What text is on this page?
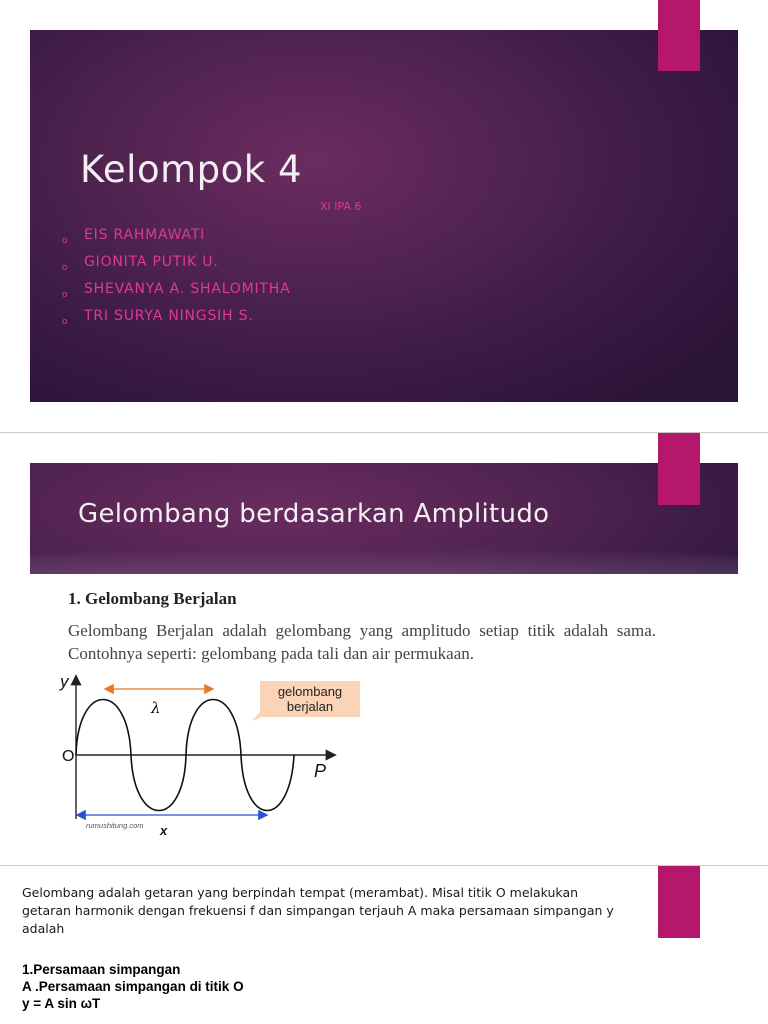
Kelompok 4

XI IPA 6

o EIS RAHMAWATI
o GIONITA PUTIK U.
o SHEVANYA A. SHALOMITHA
o TRI SURYA NINGSIH S.
Gelombang berdasarkan Amplitudo
1. Gelombang Berjalan

Gelombang Berjalan adalah gelombang yang amplitudo setiap titik adalah sama. Contohnya seperti: gelombang pada tali dan air permukaan.

y
O
P
λ
gelombang
berjalan
rumushitung.com x

Gelombang adalah getaran yang berpindah tempat (merambat). Misal titik O melakukan getaran harmonik dengan frekuensi f dan simpangan terjauh A maka persamaan simpangan y adalah

1.Persamaan simpangan

A .Persamaan simpangan di titik O

y = A sin ωT
